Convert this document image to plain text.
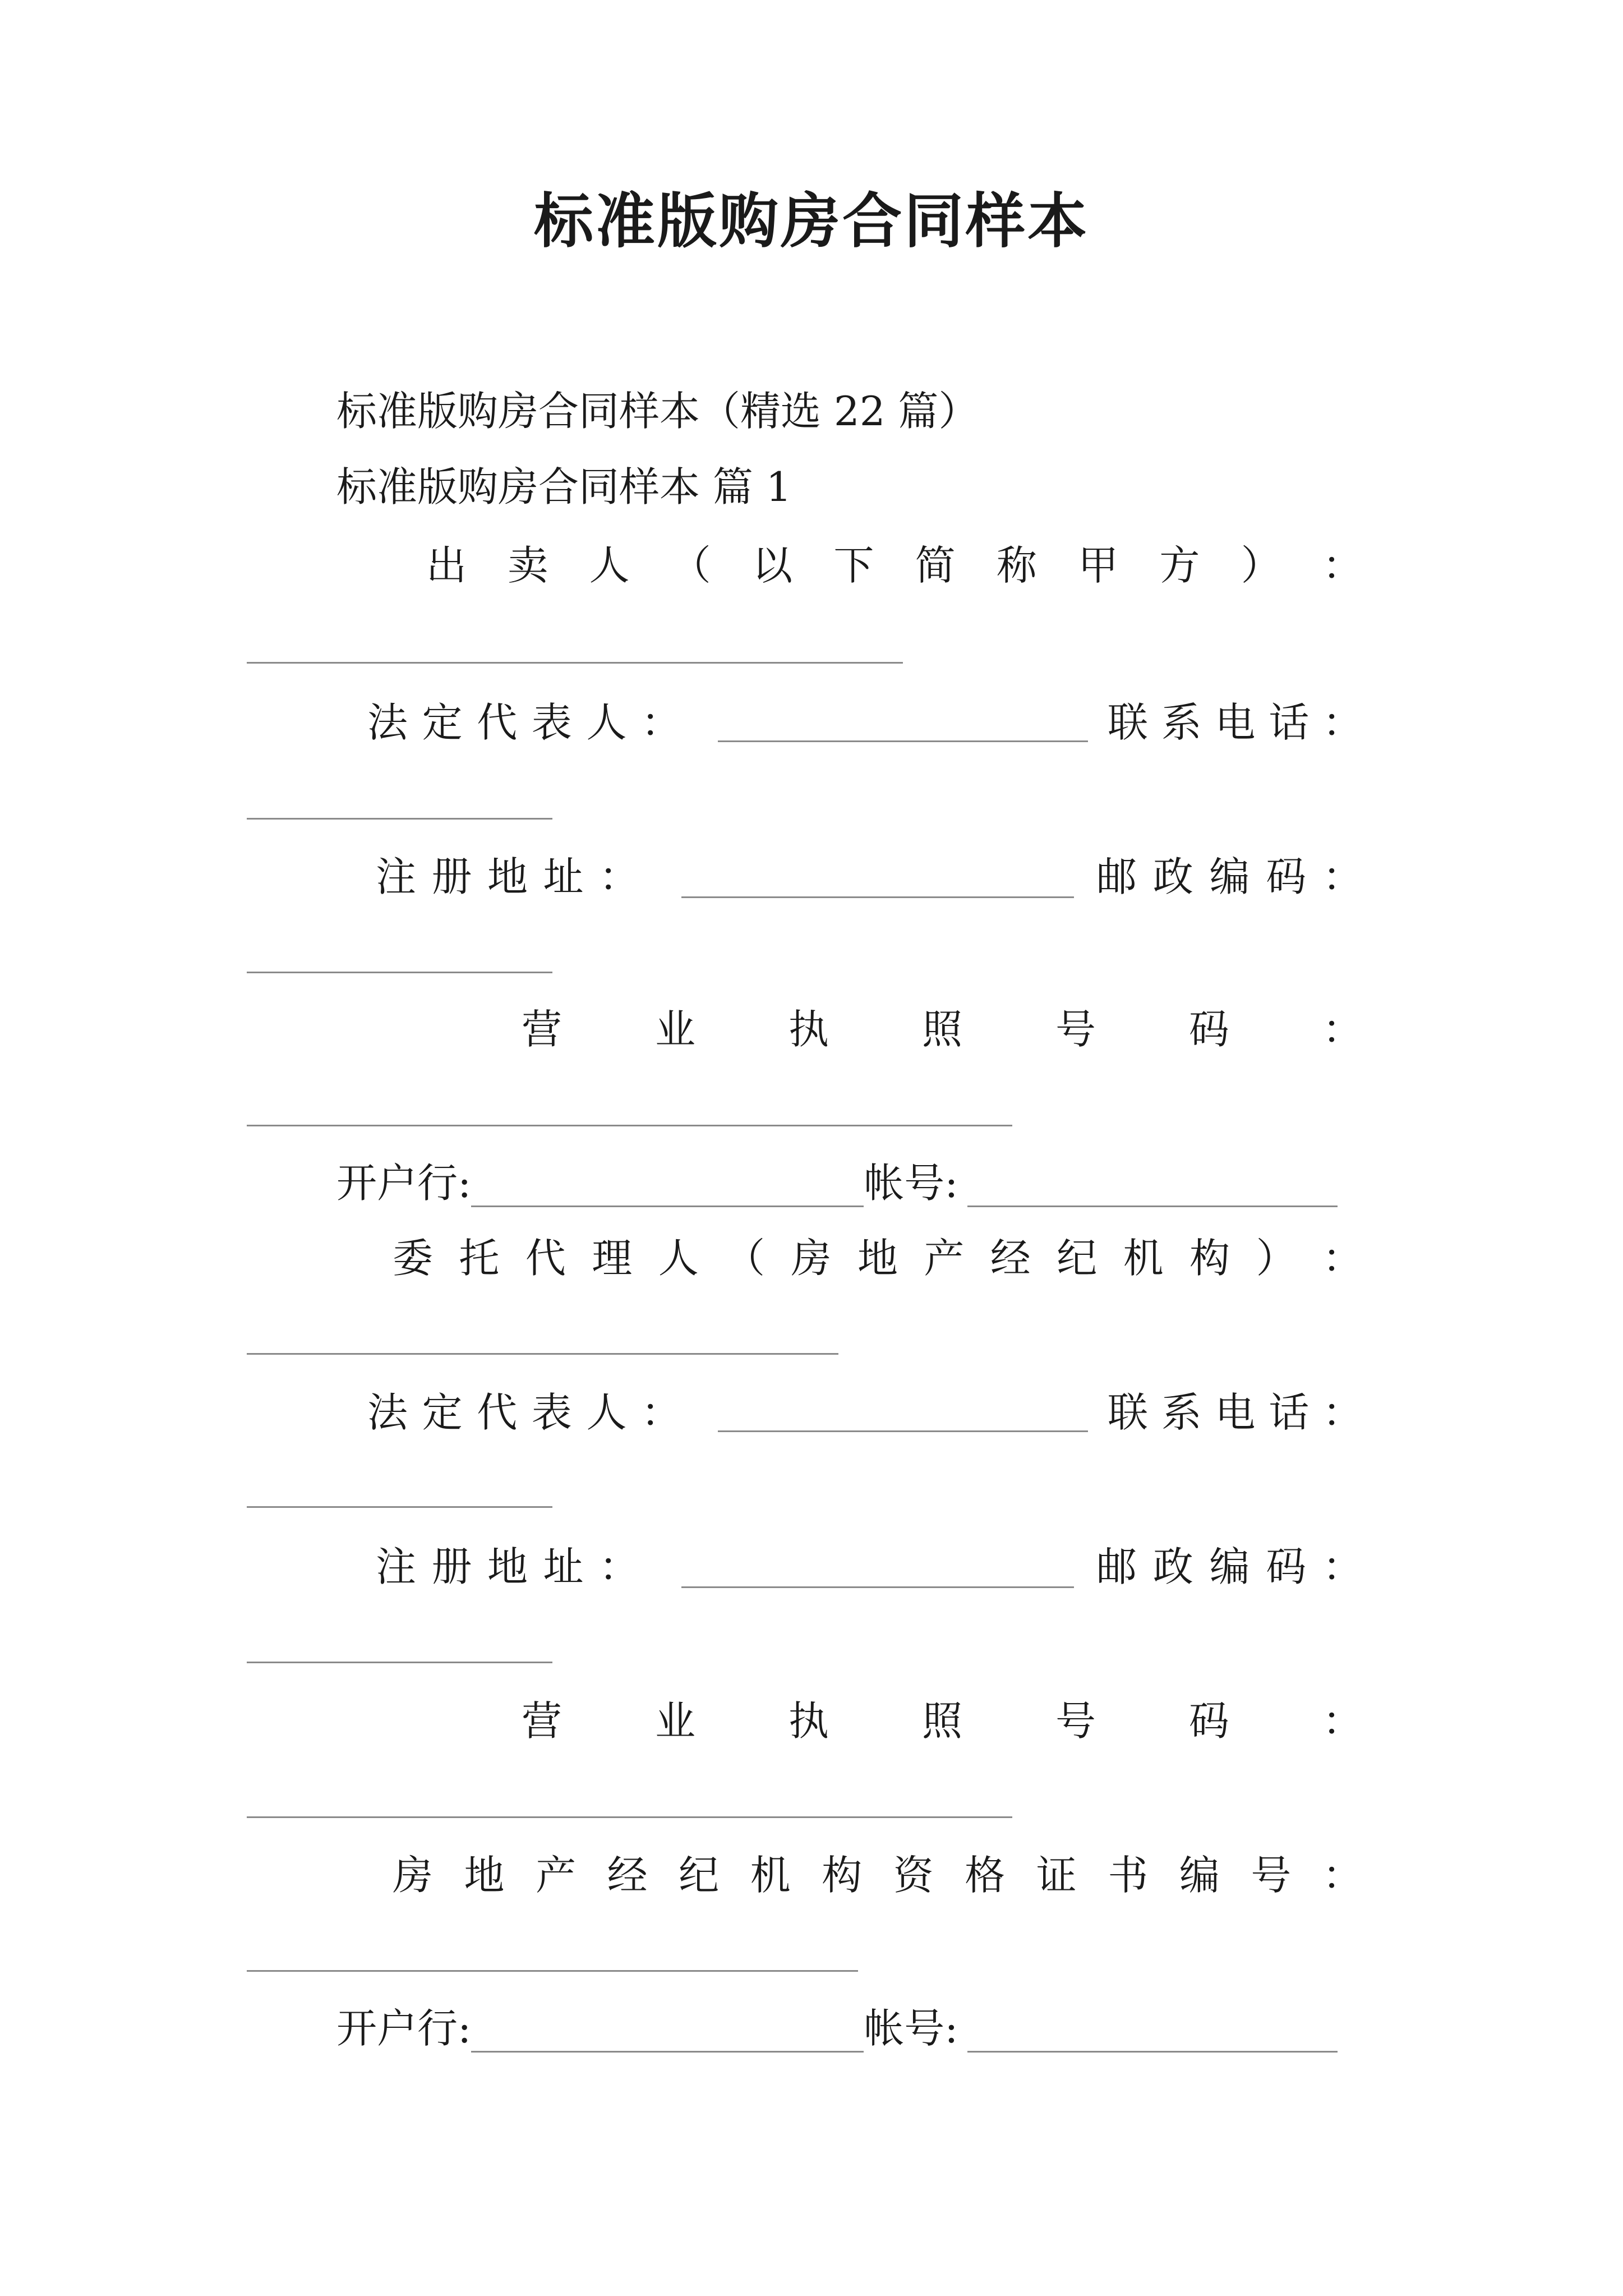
标准版购房合同样本
标准版购房合同样本（精选 22 篇）
标准版购房合同样本 篇 1
出 卖 人 （ 以 下 简 称 甲 方 ） ：
法 定 代 表 人 ：	联 系 电 话 ：
注 册 地 址 ：	邮 政 编 码 ：
营 业 执 照 号 码 ：
开户行:	帐号:
委 托 代 理 人 （ 房 地 产 经 纪 机 构 ） ：
法 定 代 表 人 ：	联 系 电 话 ：
注 册 地 址 ：	邮 政 编 码 ：
营 业 执 照 号 码 ：
房 地 产 经 纪 机 构 资 格 证 书 编 号 ：
开户行:	帐号:
